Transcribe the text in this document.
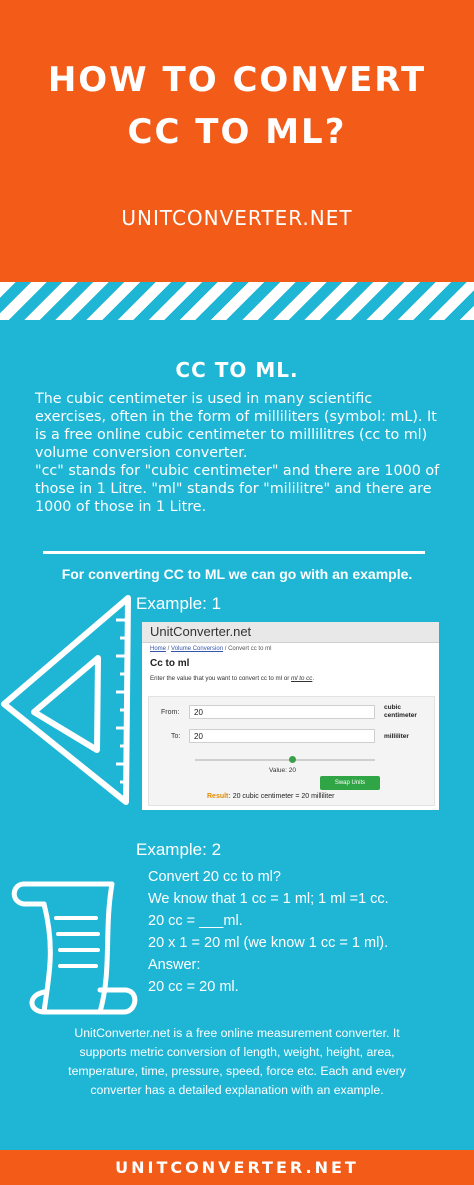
HOW TO CONVERT
CC TO ML?
UNITCONVERTER.NET
CC TO ML.

The cubic centimeter is used in many scientific exercises, often in the form of milliliters (symbol: mL). It is a free online cubic centimeter to millilitres (cc to ml) volume conversion converter.

"cc" stands for "cubic centimeter" and there are 1000 of those in 1 Litre. "ml" stands for "mililitre" and there are 1000 of those in 1 Litre.

For converting CC to ML we can go with an example.
Example: 1
UnitConverter.net
Home / Volume Conversion / Convert cc to ml
Cc to ml
Enter the value that you want to convert cc to ml or ml to cc.
From:	20
cubic
centimeter
To:	20	milliliter
Value: 20
Swap Units
Result: 20 cubic centimeter = 20 milliliter
Example: 2
Convert 20 cc to ml?
We know that 1 cc = 1 ml; 1 ml =1 cc.
20 cc = ___ml.
20 x 1 = 20 ml (we know 1 cc = 1 ml).
Answer:
20 cc = 20 ml.
UnitConverter.net is a free online measurement converter. It
supports metric conversion of length, weight, height, area,
temperature, time, pressure, speed, force etc. Each and every
converter has a detailed explanation with an example.
UNITCONVERTER.NET
